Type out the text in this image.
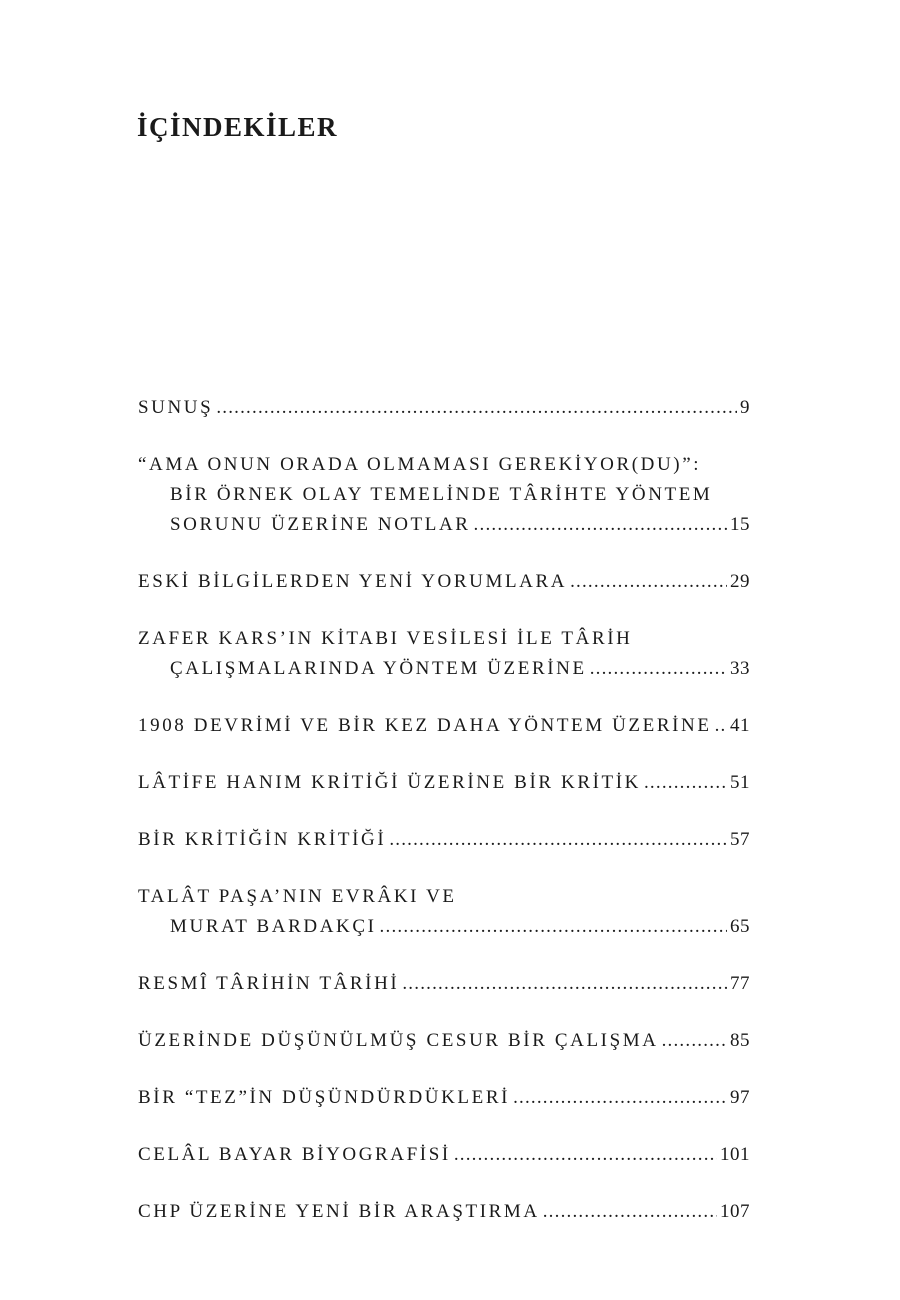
İÇİNDEKİLER
SUNUŞ .....	9
“AMA ONUN ORADA OLMAMASI GEREKİYOR(DU)”:
BİR ÖRNEK OLAY TEMELİNDE TÂRİHTE YÖNTEM
SORUNU ÜZERİNE NOTLAR .....	15
ESKİ BİLGİLERDEN YENİ YORUMLARA .....	29
ZAFER KARS’IN KİTABI VESİLESİ İLE TÂRİH
ÇALIŞMALARINDA YÖNTEM ÜZERİNE .....	33
1908 DEVRİMİ VE BİR KEZ DAHA YÖNTEM ÜZERİNE ..... 41
LÂTİFE HANIM KRİTİĞİ ÜZERİNE BİR KRİTİK .....	51
BİR KRİTİĞİN KRİTİĞİ .....	57
TALÂT PAŞA’NIN EVRÂKI VE
MURAT BARDAKÇI .....	65
RESMÎ TÂRİHİN TÂRİHİ .....	77
ÜZERİNDE DÜŞÜNÜLMÜŞ CESUR BİR ÇALIŞMA .....	85
BİR “TEZ”İN DÜŞÜNDÜRDÜKLERİ .....	97
CELÂL BAYAR BİYOGRAFİSİ .....	101
CHP ÜZERİNE YENİ BİR ARAŞTIRMA .....	107
